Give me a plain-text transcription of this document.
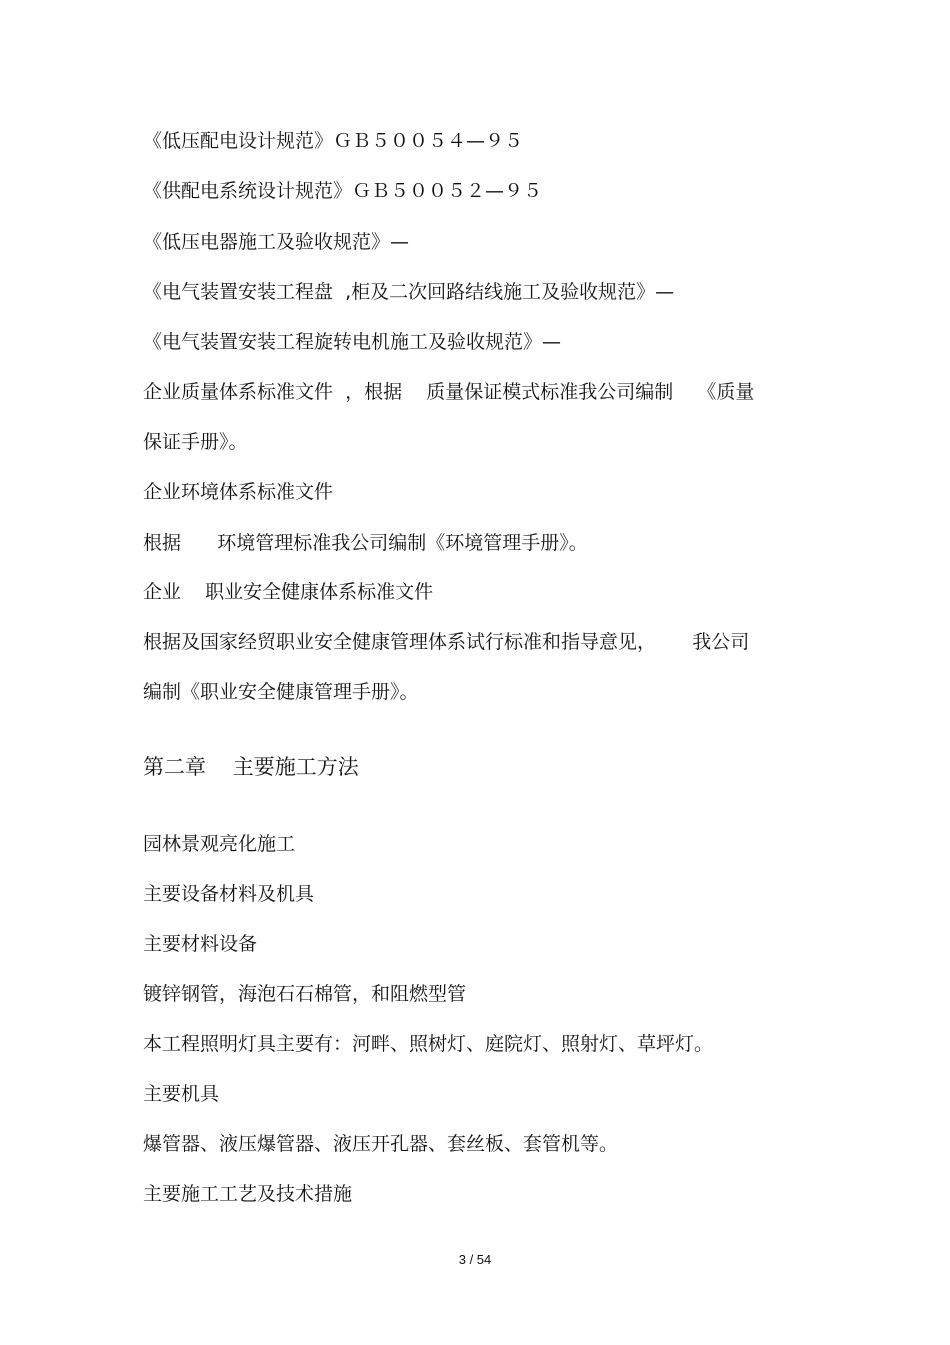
《低压配电设计规范》ＧＢ５００５４—９５
《供配电系统设计规范》ＧＢ５００５２—９５
《低压电器施工及验收规范》—
《电气装置安装工程盘  ,柜及二次回路结线施工及验收规范》—
《电气装置安装工程旋转电机施工及验收规范》—
企业质量体系标准文件  ，根据    质量保证模式标准我公司编制    《质量
保证手册》。
企业环境体系标准文件
根据      环境管理标准我公司编制《环境管理手册》。
企业    职业安全健康体系标准文件
根据及国家经贸职业安全健康管理体系试行标准和指导意见，      我公司
编制《职业安全健康管理手册》。
第二章    主要施工方法
园林景观亮化施工
主要设备材料及机具
主要材料设备
镀锌钢管，海泡石石棉管，和阻燃型管
本工程照明灯具主要有：河畔、照树灯、庭院灯、照射灯、草坪灯。
主要机具
爆管器、液压爆管器、液压开孔器、套丝板、套管机等。
主要施工工艺及技术措施
3 / 54
